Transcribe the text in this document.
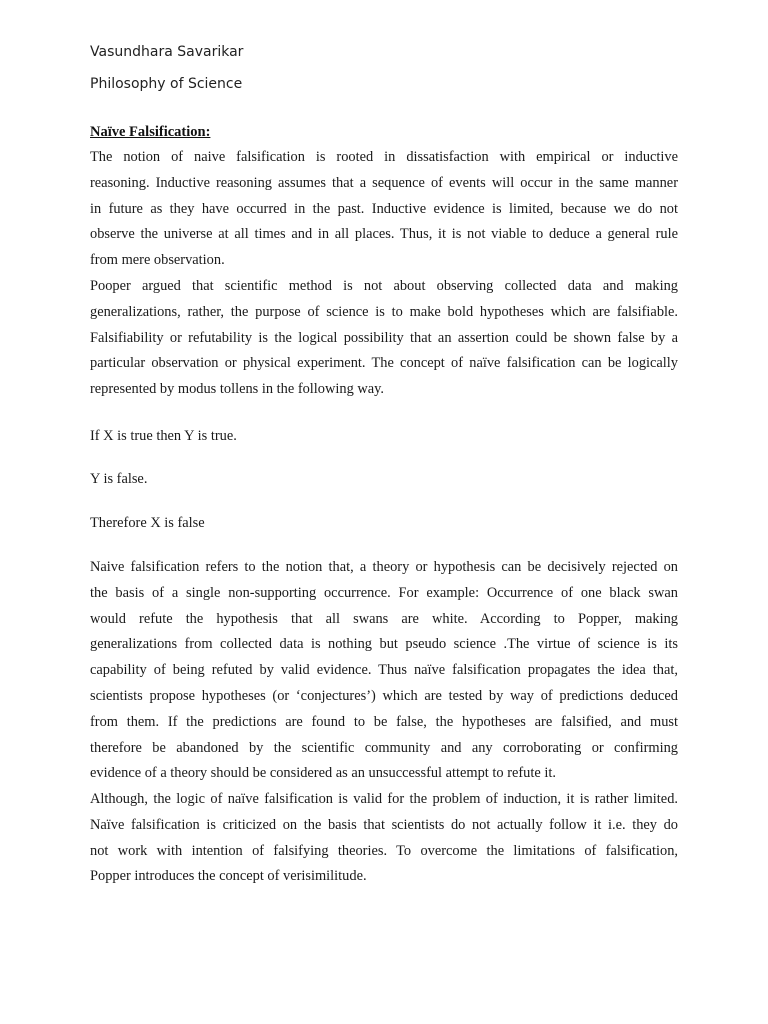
Vasundhara Savarikar
Philosophy of Science
Naïve Falsification:
The notion of naive falsification is rooted in dissatisfaction with empirical or inductive
reasoning. Inductive reasoning assumes that a sequence of events will occur in the same manner
in future as they have occurred in the past. Inductive evidence is limited, because we do not
observe the universe at all times and in all places. Thus, it is not viable to deduce a general rule
from mere observation.
Pooper argued that scientific method is not about observing collected data and making
generalizations, rather, the purpose of science is to make bold hypotheses which are falsifiable.
Falsifiability or refutability is the logical possibility that an assertion could be shown false by a
particular observation or physical experiment. The concept of naïve falsification can be logically
represented by modus tollens in the following way.
If X is true then Y is true.
Y is false.
Therefore X is false
Naive falsification refers to the notion that, a theory or hypothesis can be decisively rejected on
the basis of a single non-supporting occurrence. For example: Occurrence of one black swan
would refute the hypothesis that all swans are white. According to Popper, making
generalizations from collected data is nothing but pseudo science .The virtue of science is its
capability of being refuted by valid evidence. Thus naïve falsification propagates the idea that,
scientists propose hypotheses (or ‘conjectures’) which are tested by way of predictions deduced
from them. If the predictions are found to be false, the hypotheses are falsified, and must
therefore be abandoned by the scientific community and any corroborating or confirming
evidence of a theory should be considered as an unsuccessful attempt to refute it.
Although, the logic of naïve falsification is valid for the problem of induction, it is rather limited.
Naïve falsification is criticized on the basis that scientists do not actually follow it i.e. they do
not work with intention of falsifying theories. To overcome the limitations of falsification,
Popper introduces the concept of verisimilitude.
